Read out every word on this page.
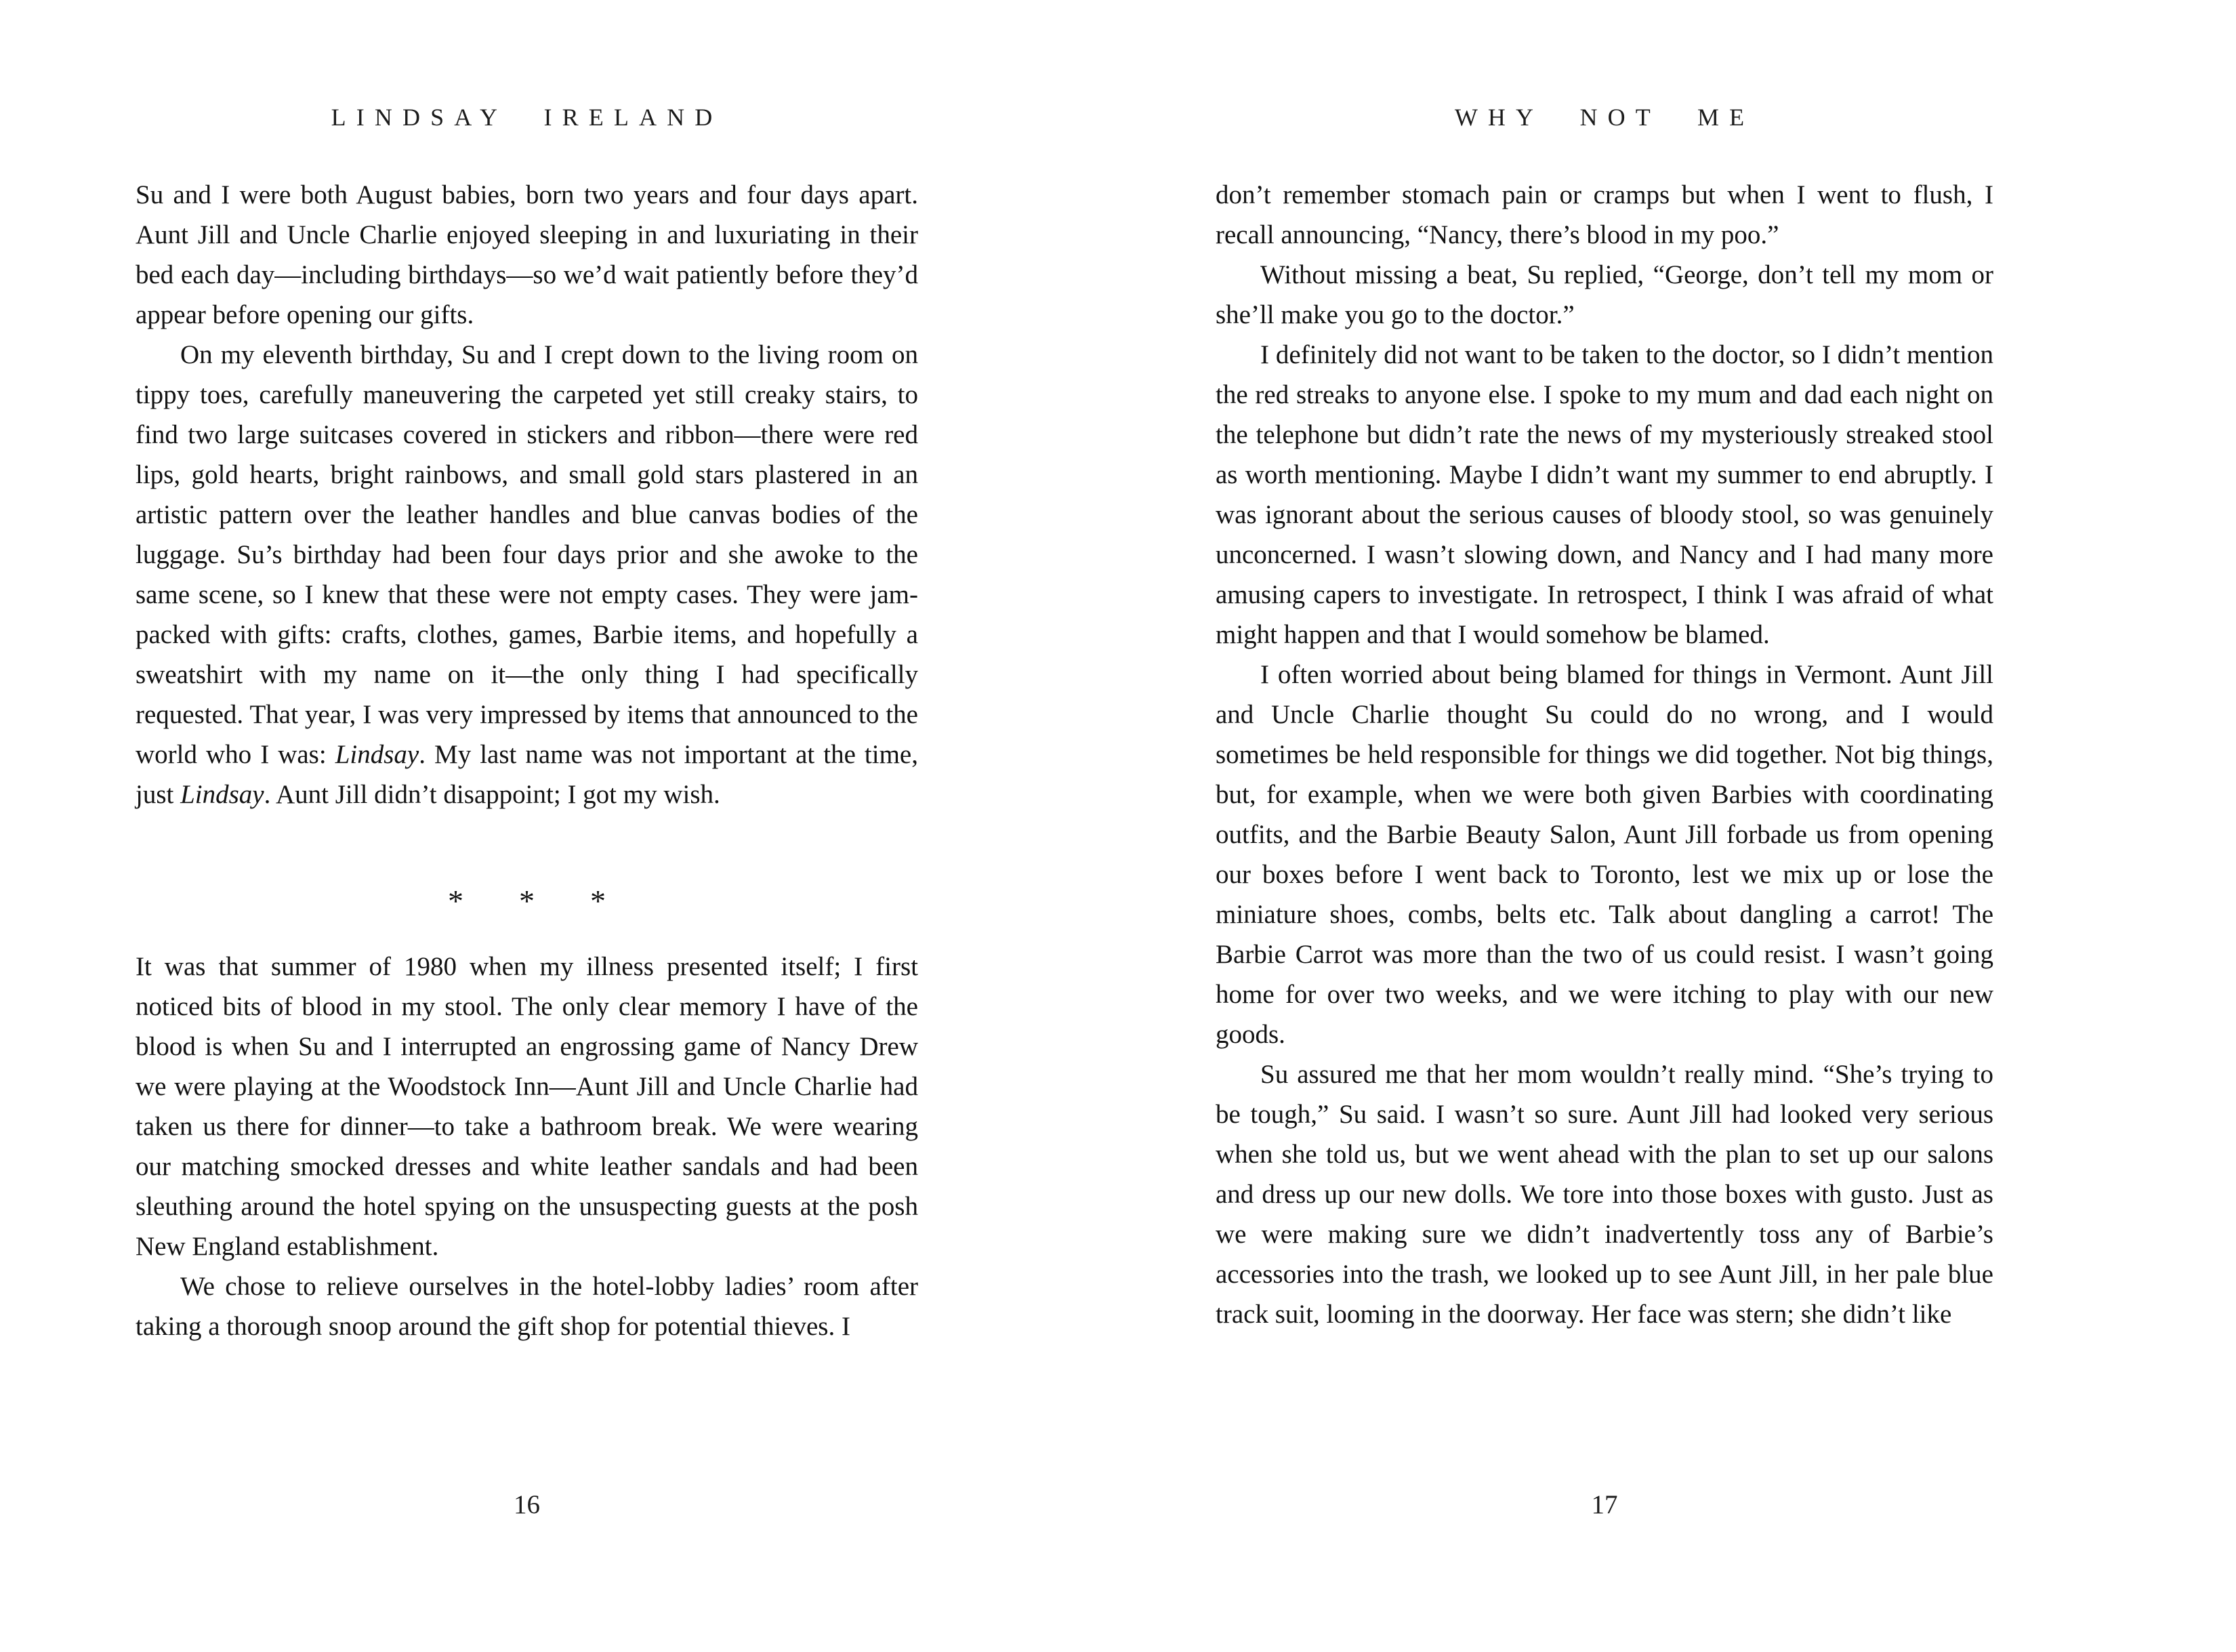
LINDSAY IRELAND

Su and I were both August babies, born two years and four days apart. Aunt Jill and Uncle Charlie enjoyed sleeping in and luxuriating in their bed each day—including birthdays—so we’d wait patiently before they’d appear before opening our gifts.

On my eleventh birthday, Su and I crept down to the living room on tippy toes, carefully maneuvering the carpeted yet still creaky stairs, to find two large suitcases covered in stickers and ribbon—there were red lips, gold hearts, bright rainbows, and small gold stars plastered in an artistic pattern over the leather handles and blue canvas bodies of the luggage. Su’s birthday had been four days prior and she awoke to the same scene, so I knew that these were not empty cases. They were jam-packed with gifts: crafts, clothes, games, Barbie items, and hopefully a sweatshirt with my name on it—the only thing I had specifically requested. That year, I was very impressed by items that announced to the world who I was: Lindsay. My last name was not important at the time, just Lindsay. Aunt Jill didn’t disappoint; I got my wish.

* * *

It was that summer of 1980 when my illness presented itself; I first noticed bits of blood in my stool. The only clear memory I have of the blood is when Su and I interrupted an engrossing game of Nancy Drew we were playing at the Woodstock Inn—Aunt Jill and Uncle Charlie had taken us there for dinner—to take a bathroom break. We were wearing our matching smocked dresses and white leather sandals and had been sleuthing around the hotel spying on the unsuspecting guests at the posh New England establishment.

We chose to relieve ourselves in the hotel-lobby ladies’ room after taking a thorough snoop around the gift shop for potential thieves. I

16
WHY NOT ME

don’t remember stomach pain or cramps but when I went to flush, I recall announcing, “Nancy, there’s blood in my poo.”

Without missing a beat, Su replied, “George, don’t tell my mom or she’ll make you go to the doctor.”

I definitely did not want to be taken to the doctor, so I didn’t mention the red streaks to anyone else. I spoke to my mum and dad each night on the telephone but didn’t rate the news of my mysteriously streaked stool as worth mentioning. Maybe I didn’t want my summer to end abruptly. I was ignorant about the serious causes of bloody stool, so was genuinely unconcerned. I wasn’t slowing down, and Nancy and I had many more amusing capers to investigate. In retrospect, I think I was afraid of what might happen and that I would somehow be blamed.

I often worried about being blamed for things in Vermont. Aunt Jill and Uncle Charlie thought Su could do no wrong, and I would sometimes be held responsible for things we did together. Not big things, but, for example, when we were both given Barbies with coordinating outfits, and the Barbie Beauty Salon, Aunt Jill forbade us from opening our boxes before I went back to Toronto, lest we mix up or lose the miniature shoes, combs, belts etc. Talk about dangling a carrot! The Barbie Carrot was more than the two of us could resist. I wasn’t going home for over two weeks, and we were itching to play with our new goods.

Su assured me that her mom wouldn’t really mind. “She’s trying to be tough,” Su said. I wasn’t so sure. Aunt Jill had looked very serious when she told us, but we went ahead with the plan to set up our salons and dress up our new dolls. We tore into those boxes with gusto. Just as we were making sure we didn’t inadvertently toss any of Barbie’s accessories into the trash, we looked up to see Aunt Jill, in her pale blue track suit, looming in the doorway. Her face was stern; she didn’t like

17
